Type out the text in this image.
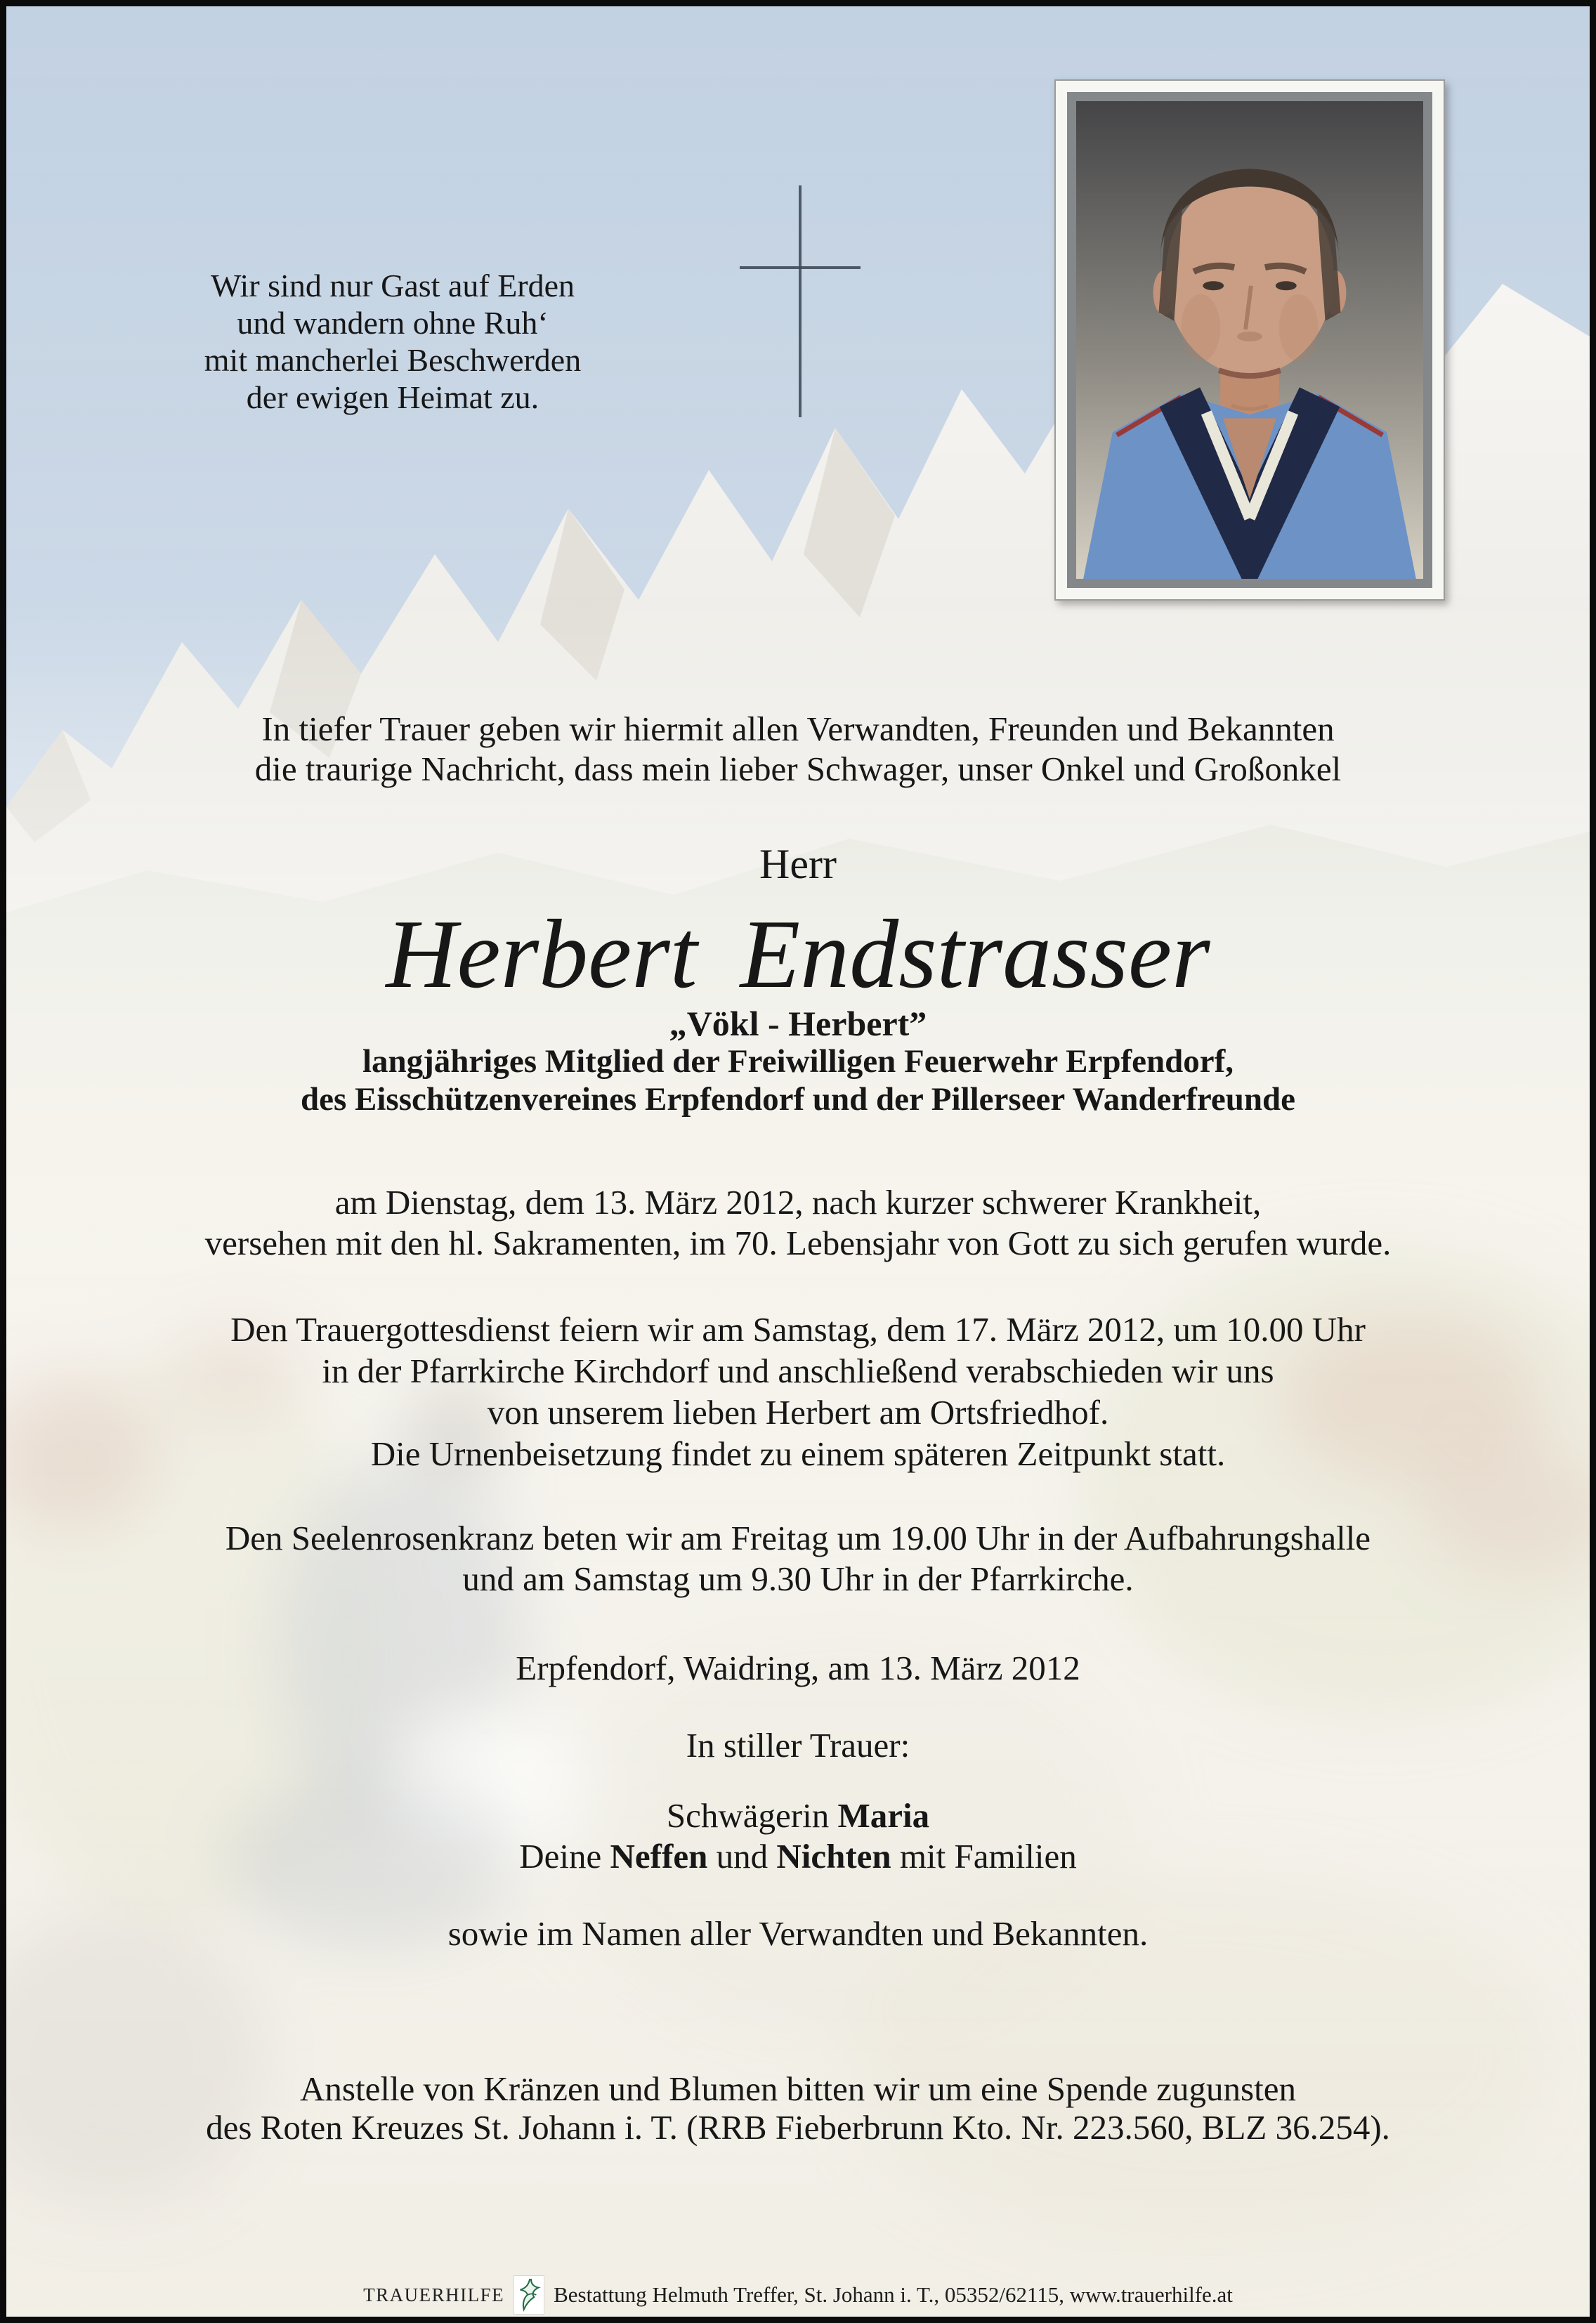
Wir sind nur Gast auf Erden
und wandern ohne Ruh‘
mit mancherlei Beschwerden
der ewigen Heimat zu.
In tiefer Trauer geben wir hiermit allen Verwandten, Freunden und Bekannten
die traurige Nachricht, dass mein lieber Schwager, unser Onkel und Großonkel
Herr
Herbert Endstrasser
„Vökl - Herbert”
langjähriges Mitglied der Freiwilligen Feuerwehr Erpfendorf,
des Eisschützenvereines Erpfendorf und der Pillerseer Wanderfreunde
am Dienstag, dem 13. März 2012, nach kurzer schwerer Krankheit,
versehen mit den hl. Sakramenten, im 70. Lebensjahr von Gott zu sich gerufen wurde.
Den Trauergottesdienst feiern wir am Samstag, dem 17. März 2012, um 10.00 Uhr
in der Pfarrkirche Kirchdorf und anschließend verabschieden wir uns
von unserem lieben Herbert am Ortsfriedhof.
Die Urnenbeisetzung findet zu einem späteren Zeitpunkt statt.
Den Seelenrosenkranz beten wir am Freitag um 19.00 Uhr in der Aufbahrungshalle
und am Samstag um 9.30 Uhr in der Pfarrkirche.
Erpfendorf, Waidring, am 13. März 2012
In stiller Trauer:
Schwägerin Maria
Deine Neffen und Nichten mit Familien
sowie im Namen aller Verwandten und Bekannten.
Anstelle von Kränzen und Blumen bitten wir um eine Spende zugunsten
des Roten Kreuzes St. Johann i. T. (RRB Fieberbrunn Kto. Nr. 223.560, BLZ 36.254).
TRAUERHILFE Bestattung Helmuth Treffer, St. Johann i. T., 05352/62115, www.trauerhilfe.at
